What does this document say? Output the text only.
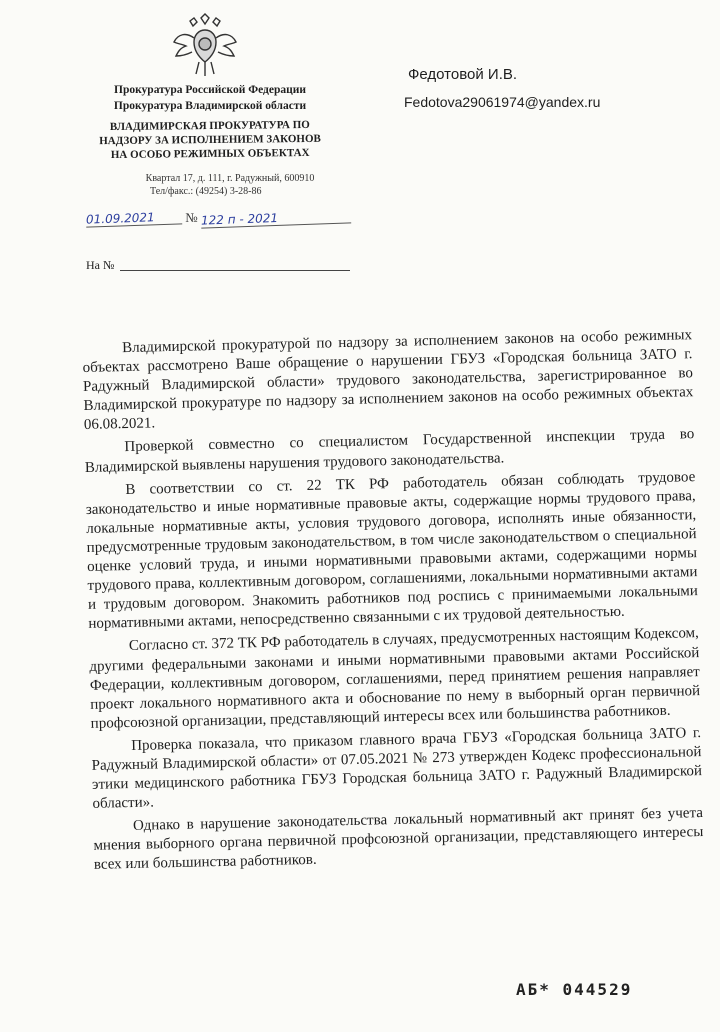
Прокуратура Российской Федерации
Прокуратура Владимирской области
ВЛАДИМИРСКАЯ ПРОКУРАТУРА ПО
НАДЗОРУ ЗА ИСПОЛНЕНИЕМ ЗАКОНОВ
НА ОСОБО РЕЖИМНЫХ ОБЪЕКТАХ
Квартал 17, д. 111, г. Радужный, 600910
Тел/факс.: (49254) 3-28-86
01.09.2021 № 122 п - 2021
На №
Федотовой И.В.
Fedotova29061974@yandex.ru

Владимирской прокуратурой по надзору за исполнением законов на особо режимных объектах рассмотрено Ваше обращение о нарушении ГБУЗ «Городская больница ЗАТО г. Радужный Владимирской области» трудового законодательства, зарегистрированное во Владимирской прокуратуре по надзору за исполнением законов на особо режимных объектах 06.08.2021.

Проверкой совместно со специалистом Государственной инспекции труда во Владимирской выявлены нарушения трудового законодательства.

В соответствии со ст. 22 ТК РФ работодатель обязан соблюдать трудовое законодательство и иные нормативные правовые акты, содержащие нормы трудового права, локальные нормативные акты, условия трудового договора, исполнять иные обязанности, предусмотренные трудовым законодательством, в том числе законодательством о специальной оценке условий труда, и иными нормативными правовыми актами, содержащими нормы трудового права, коллективным договором, соглашениями, локальными нормативными актами и трудовым договором. Знакомить работников под роспись с принимаемыми локальными нормативными актами, непосредственно связанными с их трудовой деятельностью.

Согласно ст. 372 ТК РФ работодатель в случаях, предусмотренных настоящим Кодексом, другими федеральными законами и иными нормативными правовыми актами Российской Федерации, коллективным договором, соглашениями, перед принятием решения направляет проект локального нормативного акта и обоснование по нему в выборный орган первичной профсоюзной организации, представляющий интересы всех или большинства работников.

Проверка показала, что приказом главного врача ГБУЗ «Городская больница ЗАТО г. Радужный Владимирской области» от 07.05.2021 № 273 утвержден Кодекс профессиональной этики медицинского работника ГБУЗ Городская больница ЗАТО г. Радужный Владимирской области».

Однако в нарушение законодательства локальный нормативный акт принят без учета мнения выборного органа первичной профсоюзной организации, представляющего интересы всех или большинства работников.

АБ* 044529
